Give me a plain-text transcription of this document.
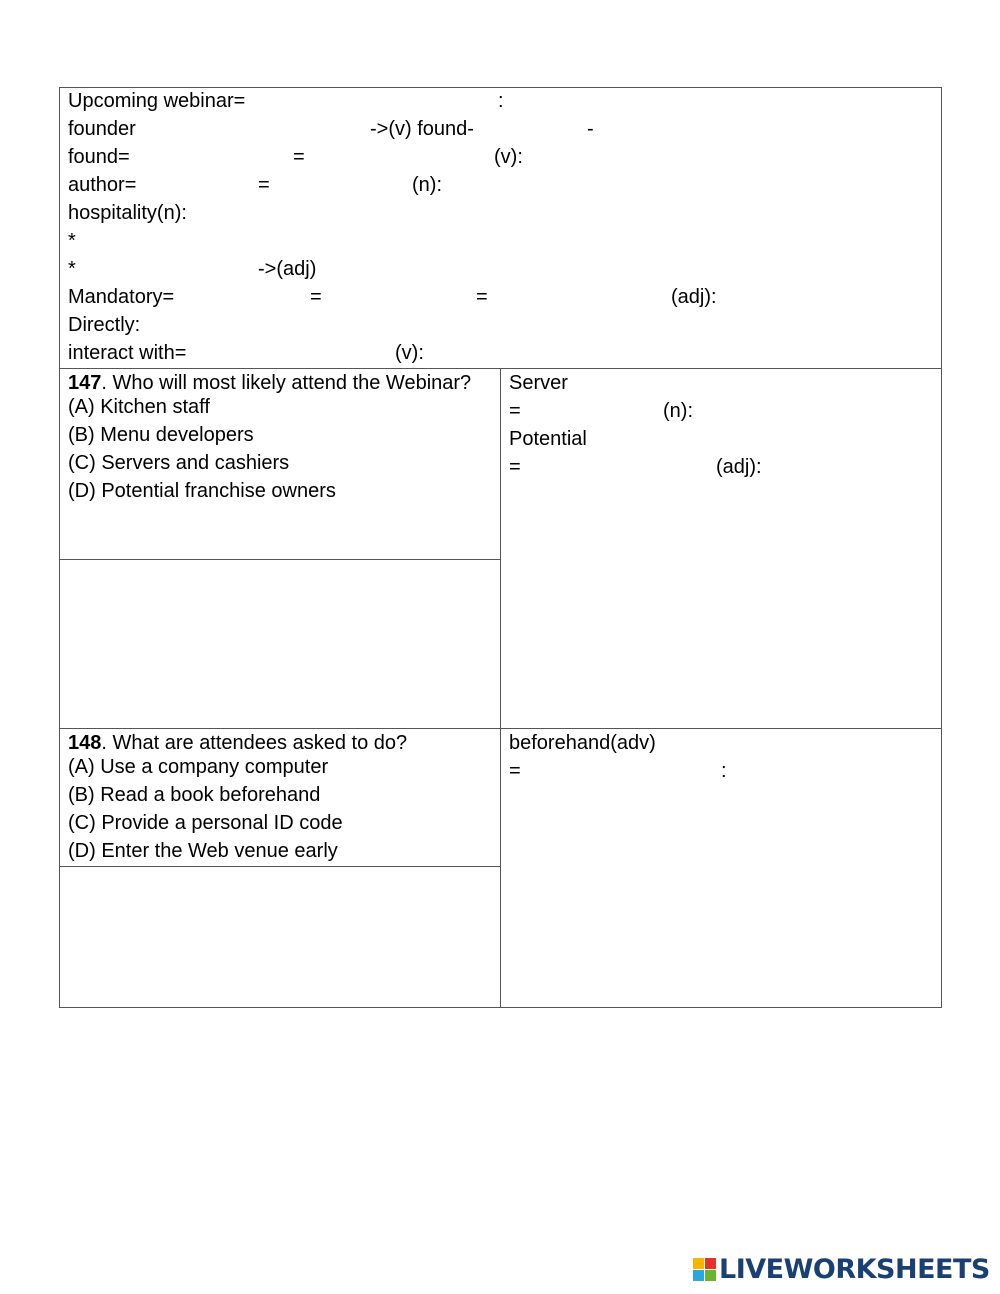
Upcoming webinar=	:
founder	->(v) found-	-
found=	=	(v):
author=	=	(n):
hospitality(n):
*
*	->(adj)
Mandatory=	=	=	(adj):
Directly:
interact with=	(v):
147. Who will most likely attend the Webinar?
(A) Kitchen staff
(B) Menu developers
(C) Servers and cashiers
(D) Potential franchise owners
Server
=	(n):
Potential
=	(adj):
148. What are attendees asked to do?
(A) Use a company computer
(B) Read a book beforehand
(C) Provide a personal ID code
(D) Enter the Web venue early
beforehand(adv)
=	:
LIVEWORKSHEETS
